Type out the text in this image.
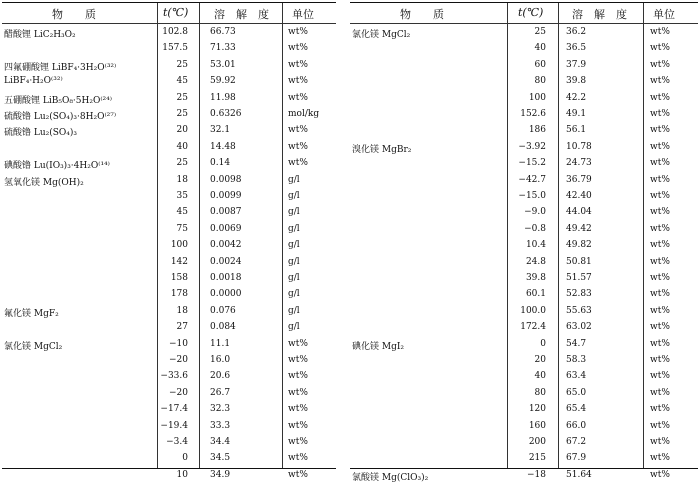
物　　质	t(℃) 溶　解　度 单位
醋酸锂 LiC₂H₃O₂	102.8 66.73	wt%
157.5 71.33	wt%
四氟硼酸锂 LiBF₄·3H₂O⁽³²⁾	25 53.01	wt%
LiBF₄·H₂O⁽³²⁾	45 59.92	wt%
五硼酸锂 LiB₅O₈·5H₂O⁽²⁴⁾	25 11.98	wt%
硫酸镥 Lu₂(SO₄)₃·8H₂O⁽²⁷⁾	25 0.6326	mol/kg
硫酸镥 Lu₂(SO₄)₃	20 32.1	wt%
40 14.48	wt%
碘酸镥 Lu(IO₃)₃·4H₂O⁽¹⁴⁾	25 0.14	wt%
氢氧化镁 Mg(OH)₂	18 0.0098	g/l
35 0.0099	g/l
45 0.0087	g/l
75 0.0069	g/l
100 0.0042	g/l
142 0.0024	g/l
158 0.0018	g/l
178 0.0000	g/l
氟化镁 MgF₂	18 0.076	g/l
27 0.084	g/l
氯化镁 MgCl₂	−10 11.1	wt%
−20 16.0	wt%
−33.6 20.6	wt%
−20 26.7	wt%
−17.4 32.3	wt%
−19.4 33.3	wt%
−3.4 34.4	wt%
0 34.5	wt%
10 34.9	wt%
物　　质	t(℃)	溶　解　度 单位
氯化镁 MgCl₂	25 36.2	wt%
40 36.5	wt%
60 37.9	wt%
80 39.8	wt%
100 42.2	wt%
152.6 49.1	wt%
186 56.1	wt%
溴化镁 MgBr₂	−3.92 10.78	wt%
−15.2 24.73	wt%
−42.7 36.79	wt%
−15.0 42.40	wt%
−9.0 44.04	wt%
−0.8 49.42	wt%
10.4 49.82	wt%
24.8 50.81	wt%
39.8 51.57	wt%
60.1 52.83	wt%
100.0 55.63	wt%
172.4 63.02	wt%
碘化镁 MgI₂	0 54.7	wt%
20 58.3	wt%
40 63.4	wt%
80 65.0	wt%
120 65.4	wt%
160 66.0	wt%
200 67.2	wt%
215 67.9	wt%
氯酸镁 Mg(ClO₃)₂	−18 51.64	wt%
